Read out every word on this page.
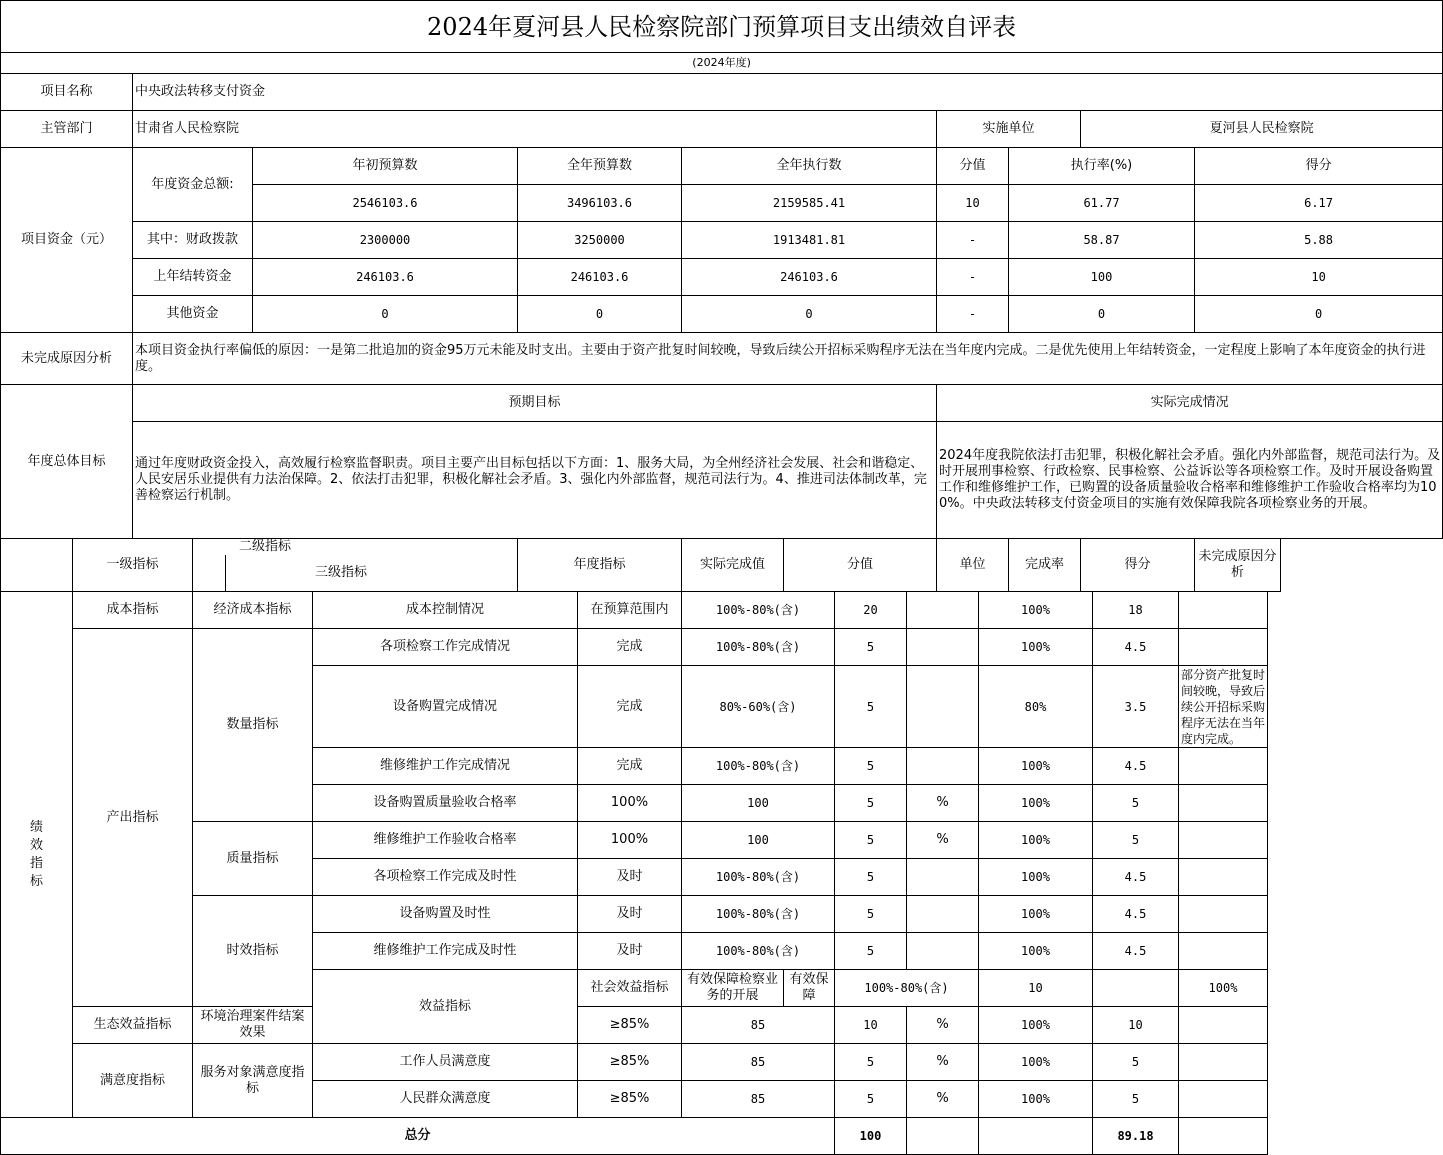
2024年夏河县人民检察院部门预算项目支出绩效自评表											
(2024年度)											
项目名称		中央政法转移支付资金									
主管部门		甘肃省人民检察院						实施单位		夏河县人民检察院	
项目资金（元）		年度资金总额:		年初预算数	全年预算数	全年执行数		分值	执行率(%)		得分
				2546103.6	3496103.6	2159585.41		10	61.77		6.17
		其中：财政拨款		2300000	3250000	1913481.81		-	58.87		5.88
		上年结转资金		246103.6	246103.6	246103.6		-	100		10
		其他资金		0	0	0		-	0		0
未完成原因分析		本项目资金执行率偏低的原因：一是第二批追加的资金95万元未能及时支出。主要由于资产批复时间较晚，导致后续公开招标采购程序无法在当年度内完成。二是优先使用上年结转资金，一定程度上影响了本年度资金的执行进度。									
年度总体目标		预期目标						实际完成情况			
		通过年度财政资金投入，高效履行检察监督职责。项目主要产出目标包括以下方面：1、服务大局，为全州经济社会发展、社会和谐稳定、人民安居乐业提供有力法治保障。2、依法打击犯罪，积极化解社会矛盾。3、强化内外部监督，规范司法行为。4、推进司法体制改革，完善检察运行机制。						2024年度我院依法打击犯罪，积极化解社会矛盾。强化内外部监督，规范司法行为。及时开展刑事检察、行政检察、民事检察、公益诉讼等各项检察工作。及时开展设备购置工作和维修维护工作，已购置的设备质量验收合格率和维修维护工作验收合格率均为100%。中央政法转移支付资金项目的实施有效保障我院各项检察业务的开展。			
	一级指标		二级指标三级指标		年度指标	实际完成值	分值	单位	完成率	得分	未完成原因分析
绩效指标	成本指标	经济成本指标	成本控制情况	在预算范围内	100%-80%(含)		20		100%	18		
	产出指标	数量指标	各项检察工作完成情况	完成	100%-80%(含)		5		100%	4.5		
			设备购置完成情况	完成	80%-60%(含)		5		80%	3.5	部分资产批复时间较晚，导致后续公开招标采购程序无法在当年度内完成。	
			维修维护工作完成情况	完成	100%-80%(含)		5		100%	4.5		
			设备购置质量验收合格率	100%	100		5	%	100%	5		
		质量指标	维修维护工作验收合格率	100%	100		5	%	100%	5		
			各项检察工作完成及时性	及时	100%-80%(含)		5		100%	4.5		
		时效指标	设备购置及时性	及时	100%-80%(含)		5		100%	4.5		
			维修维护工作完成及时性	及时	100%-80%(含)		5		100%	4.5		
			效益指标	社会效益指标	有效保障检察业务的开展	有效保障	100%-80%(含)		10		100%		
	生态效益指标	环境治理案件结案效果		≥85%	85		10	%	100%	10		
	满意度指标	服务对象满意度指标	工作人员满意度	≥85%	85		5	%	100%	5		
			人民群众满意度	≥85%	85		5	%	100%	5		
总分							100			89.18		
